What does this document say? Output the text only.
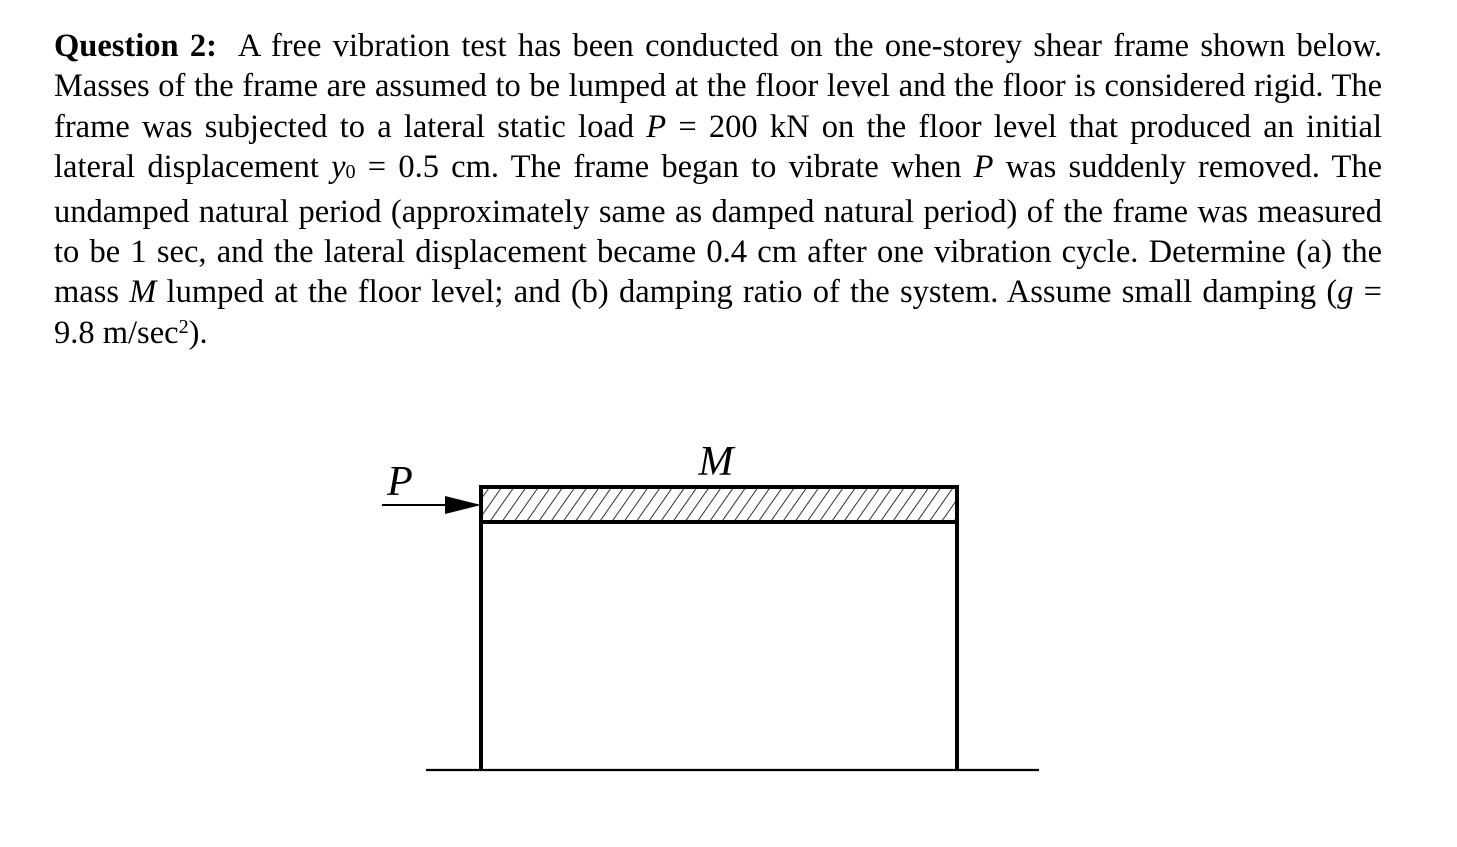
Question 2: A free vibration test has been conducted on the one-storey shear frame shown below. Masses of the frame are assumed to be lumped at the floor level and the floor is considered rigid. The frame was subjected to a lateral static load P = 200 kN on the floor level that produced an initial lateral displacement $y_0 = 0.5$ cm. The frame began to vibrate when P was suddenly removed. The undamped natural period (approximately same as damped natural period) of the frame was measured to be 1 sec, and the lateral displacement became 0.4 cm after one vibration cycle. Determine (a) the mass M lumped at the floor level; and (b) damping ratio of the system. Assume small damping (g = 9.8 $m/\sec^2$).

P	M
